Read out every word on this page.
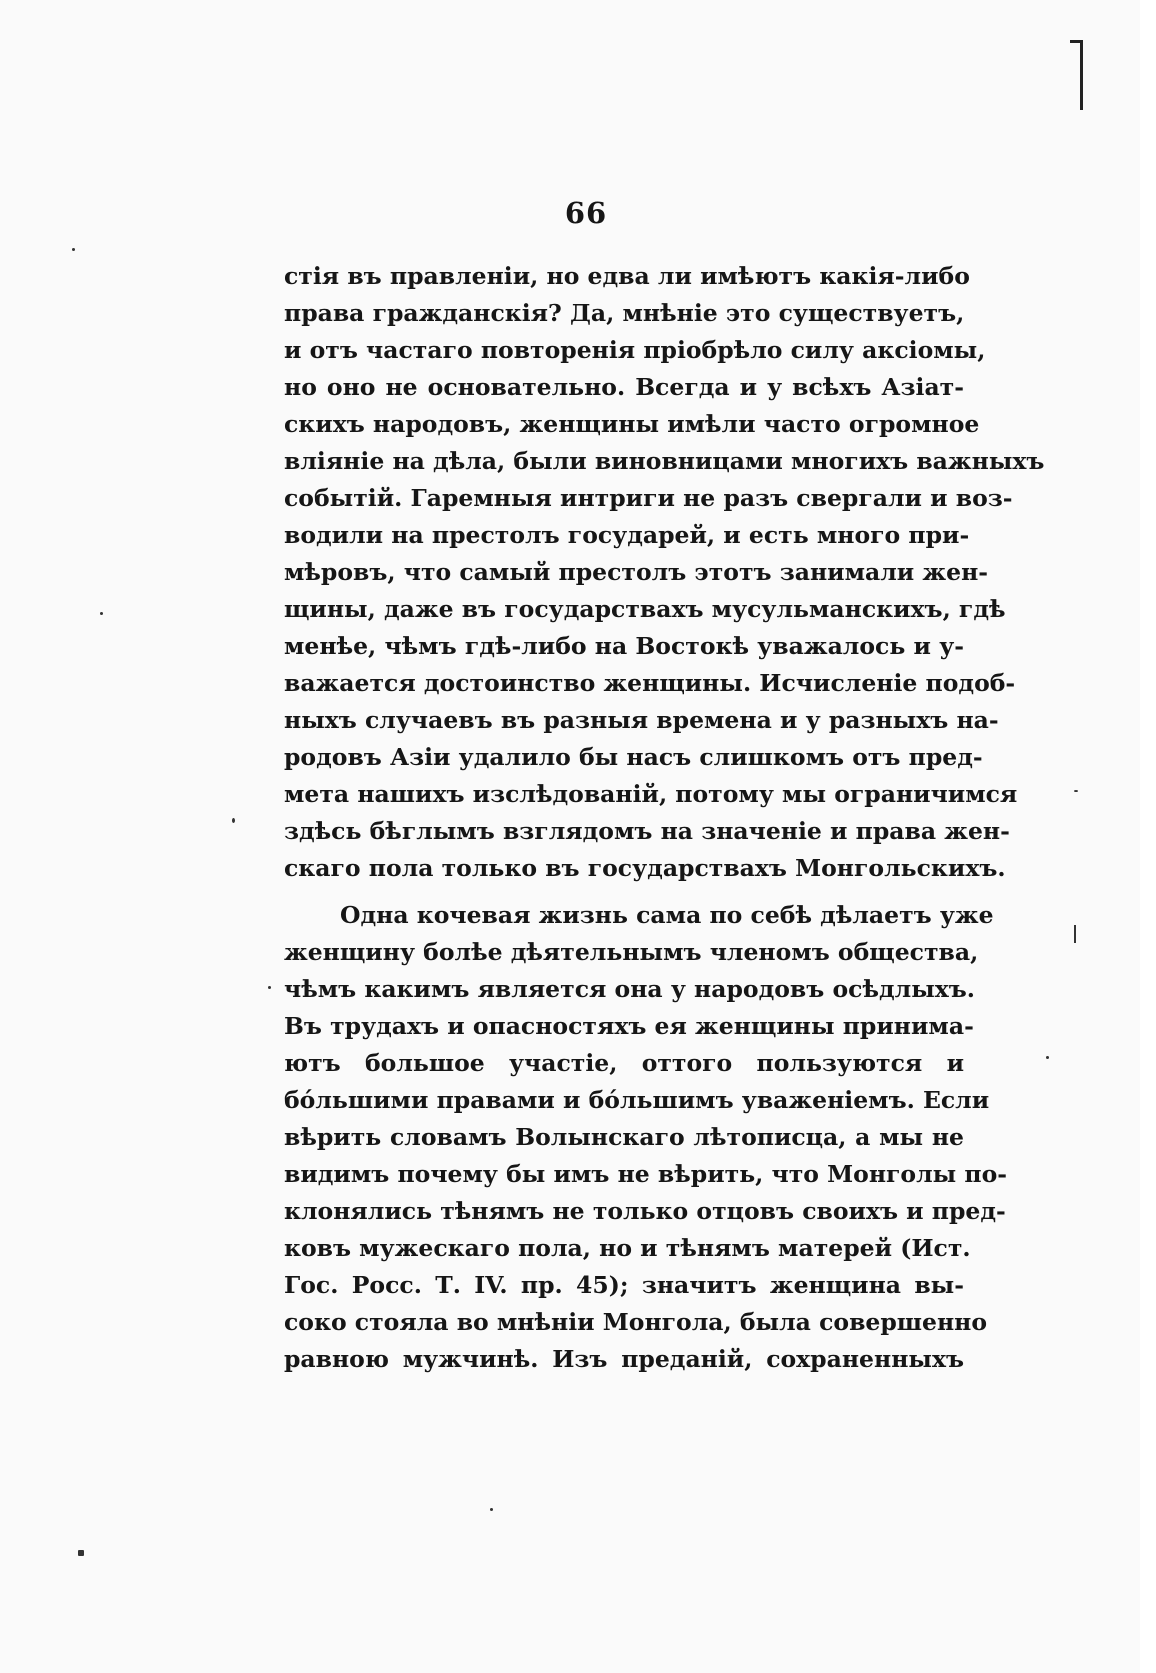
66
стія въ правленіи, но едва ли имѣютъ какія-либо
права гражданскія? Да, мнѣніе это существуетъ,
и отъ частаго повторенія пріобрѣло силу аксіомы,
но оно не основательно. Всегда и у всѣхъ Азіат-
скихъ народовъ, женщины имѣли часто огромное
вліяніе на дѣла, были виновницами многихъ важныхъ
событій. Гаремныя интриги не разъ свергали и воз-
водили на престолъ государей, и есть много при-
мѣровъ, что самый престолъ этотъ занимали жен-
щины, даже въ государствахъ мусульманскихъ, гдѣ
менѣе, чѣмъ гдѣ-либо на Востокѣ уважалось и у-
важается достоинство женщины. Исчисленіе подоб-
ныхъ случаевъ въ разныя времена и у разныхъ на-
родовъ Азіи удалило бы насъ слишкомъ отъ пред-
мета нашихъ изслѣдованій, потому мы ограничимся
здѣсь бѣглымъ взглядомъ на значеніе и права жен-
скаго пола только въ государствахъ Монгольскихъ.
Одна кочевая жизнь сама по себѣ дѣлаетъ уже
женщину болѣе дѣятельнымъ членомъ общества,
чѣмъ какимъ является она у народовъ осѣдлыхъ.
Въ трудахъ и опасностяхъ ея женщины принима-
ютъ большое участіе, оттого пользуются и
бо́льшими правами и бо́льшимъ уваженіемъ. Если
вѣрить словамъ Волынскаго лѣтописца, а мы не
видимъ почему бы имъ не вѣрить, что Монголы по-
клонялись тѣнямъ не только отцовъ своихъ и пред-
ковъ мужескаго пола, но и тѣнямъ матерей (Ист.
Гос. Росс. Т. IV. пр. 45); значитъ женщина вы-
соко стояла во мнѣніи Монгола, была совершенно
равною мужчинѣ. Изъ преданій, сохраненныхъ
